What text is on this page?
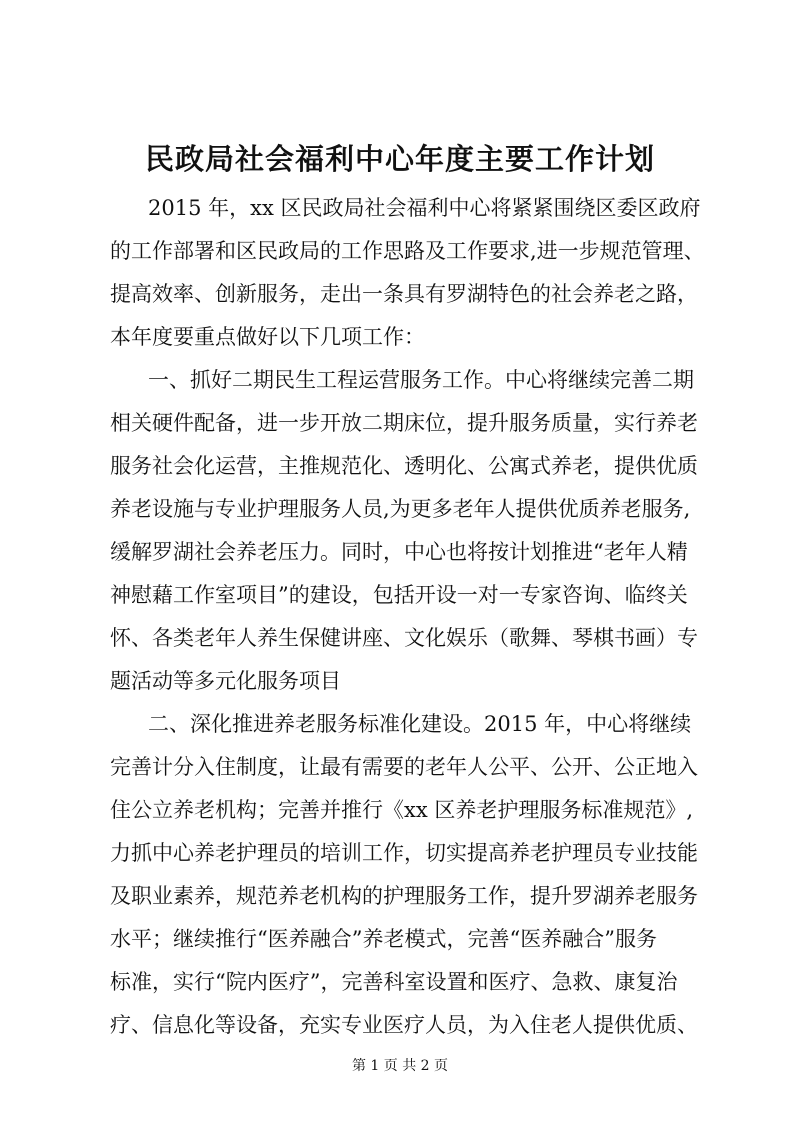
民政局社会福利中心年度主要工作计划

2015 年，xx 区民政局社会福利中心将紧紧围绕区委区政府

的工作部署和区民政局的工作思路及工作要求,进一步规范管理、

提高效率、创新服务，走出一条具有罗湖特色的社会养老之路，

本年度要重点做好以下几项工作：

一、抓好二期民生工程运营服务工作。中心将继续完善二期

相关硬件配备，进一步开放二期床位，提升服务质量，实行养老

服务社会化运营，主推规范化、透明化、公寓式养老，提供优质

养老设施与专业护理服务人员,为更多老年人提供优质养老服务,

缓解罗湖社会养老压力。同时，中心也将按计划推进“老年人精

神慰藉工作室项目”的建设，包括开设一对一专家咨询、临终关

怀、各类老年人养生保健讲座、文化娱乐（歌舞、琴棋书画）专

题活动等多元化服务项目

二、深化推进养老服务标准化建设。2015 年，中心将继续

完善计分入住制度，让最有需要的老年人公平、公开、公正地入

住公立养老机构；完善并推行《xx 区养老护理服务标准规范》,

力抓中心养老护理员的培训工作，切实提高养老护理员专业技能

及职业素养，规范养老机构的护理服务工作，提升罗湖养老服务

水平；继续推行“医养融合”养老模式，完善“医养融合”服务

标准，实行“院内医疗”，完善科室设置和医疗、急救、康复治

疗、信息化等设备，充实专业医疗人员，为入住老人提供优质、

第 1 页 共 2 页
